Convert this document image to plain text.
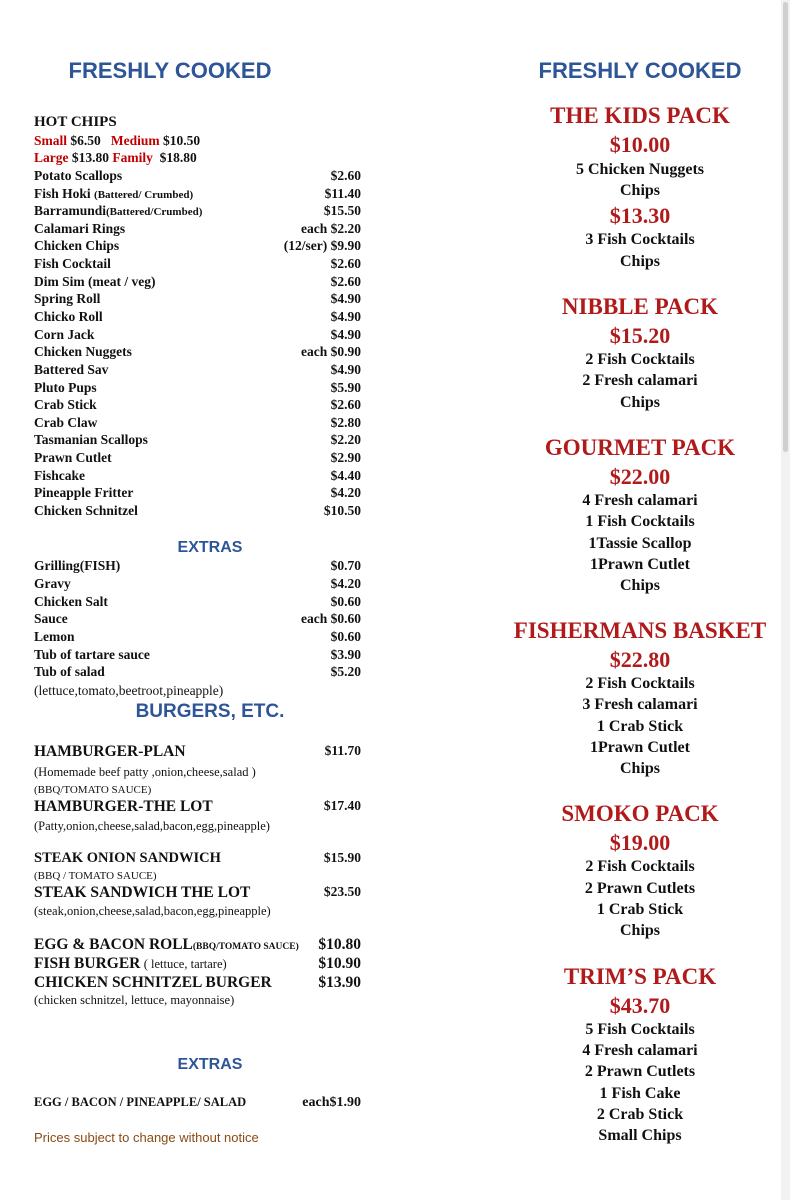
FRESHLY COOKED
HOT CHIPS
Small $6.50 Medium $10.50
Large $13.80 Family $18.80
Potato Scallops	$2.60
Fish Hoki (Battered/ Crumbed)	$11.40
Barramundi(Battered/Crumbed)	$15.50
Calamari Rings	each $2.20
Chicken Chips	(12/ser) $9.90
Fish Cocktail	$2.60
Dim Sim (meat / veg)	$2.60
Spring Roll	$4.90
Chicko Roll	$4.90
Corn Jack	$4.90
Chicken Nuggets	each $0.90
Battered Sav	$4.90
Pluto Pups	$5.90
Crab Stick	$2.60
Crab Claw	$2.80
Tasmanian Scallops	$2.20
Prawn Cutlet	$2.90
Fishcake	$4.40
Pineapple Fritter	$4.20
Chicken Schnitzel	$10.50
EXTRAS
Grilling(FISH)	$0.70
Gravy	$4.20
Chicken Salt	$0.60
Sauce	each $0.60
Lemon	$0.60
Tub of tartare sauce	$3.90
Tub of salad	$5.20
(lettuce,tomato,beetroot,pineapple)
BURGERS, ETC.
HAMBURGER-PLAN	$11.70
(Homemade beef patty ,onion,cheese,salad )
(BBQ/TOMATO SAUCE)
HAMBURGER-THE LOT	$17.40
(Patty,onion,cheese,salad,bacon,egg,pineapple)
STEAK ONION SANDWICH	$15.90
(BBQ / TOMATO SAUCE)
STEAK SANDWICH THE LOT	$23.50
(steak,onion,cheese,salad,bacon,egg,pineapple)
EGG & BACON ROLL(BBQ/TOMATO SAUCE) $10.80
FISH BURGER ( lettuce, tartare)	$10.90
CHICKEN SCHNITZEL BURGER	$13.90
(chicken schnitzel, lettuce, mayonnaise)
EXTRAS
EGG / BACON / PINEAPPLE/ SALAD	each$1.90
Prices subject to change without notice
FRESHLY COOKED
THE KIDS PACK
$10.00
5 Chicken Nuggets
Chips
$13.30
3 Fish Cocktails
Chips
NIBBLE PACK
$15.20
2 Fish Cocktails
2 Fresh calamari
Chips
GOURMET PACK
$22.00
4 Fresh calamari
1 Fish Cocktails
1Tassie Scallop
1Prawn Cutlet
Chips
FISHERMANS BASKET
$22.80
2 Fish Cocktails
3 Fresh calamari
1 Crab Stick
1Prawn Cutlet
Chips
SMOKO PACK
$19.00
2 Fish Cocktails
2 Prawn Cutlets
1 Crab Stick
Chips
TRIM’S PACK
$43.70
5 Fish Cocktails
4 Fresh calamari
2 Prawn Cutlets
1 Fish Cake
2 Crab Stick
Small Chips
